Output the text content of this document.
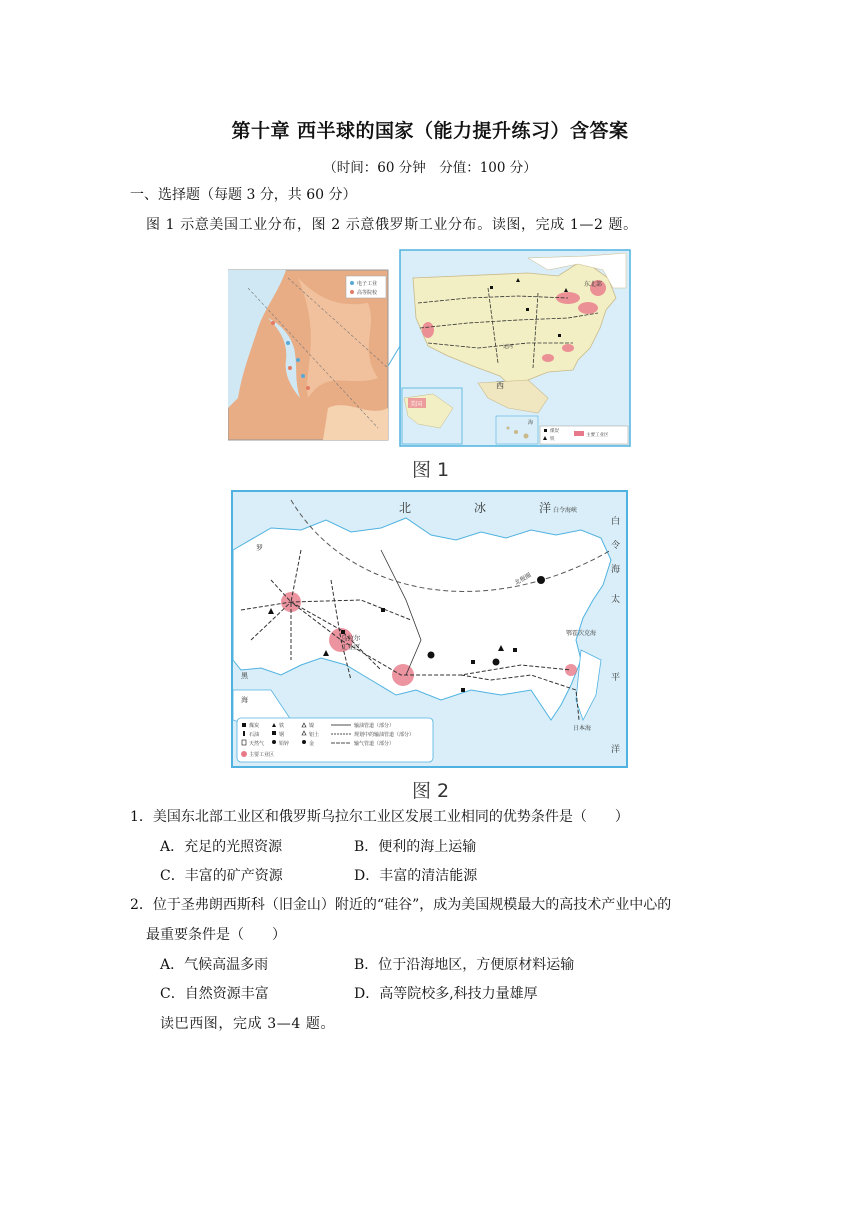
第十章 西半球的国家（能力提升练习）含答案
（时间：60 分钟　分值：100 分）
一、选择题（每题 3 分，共 60 分）
图 1 示意美国工业分布，图 2 示意俄罗斯工业分布。读图，完成 1—2 题。
电子工业
高等院校
东北部
运河
西
美国
海
煤炭
铁
主要工业区
图 1
北	冰	洋 白令海峡
白
令
海
北极圈
太
平
洋
鄂霍次克海
日本海
乌拉尔
工业区
罗
黑
海
煤炭
石油
天然气
铁
钢
铅锌
镍
铝土
金
输油管道（部分）
规划中的输油管道（部分）
输气管道（部分）
主要工业区
图 2
1．美国东北部工业区和俄罗斯乌拉尔工业区发展工业相同的优势条件是（　　）
A．充足的光照资源	B．便利的海上运输
C．丰富的矿产资源	D．丰富的清洁能源
2．位于圣弗朗西斯科（旧金山）附近的“硅谷”，成为美国规模最大的高技术产业中心的
最重要条件是（　　）
A．气候高温多雨	B．位于沿海地区，方便原材料运输
C．自然资源丰富	D．高等院校多,科技力量雄厚
读巴西图，完成 3—4 题。
